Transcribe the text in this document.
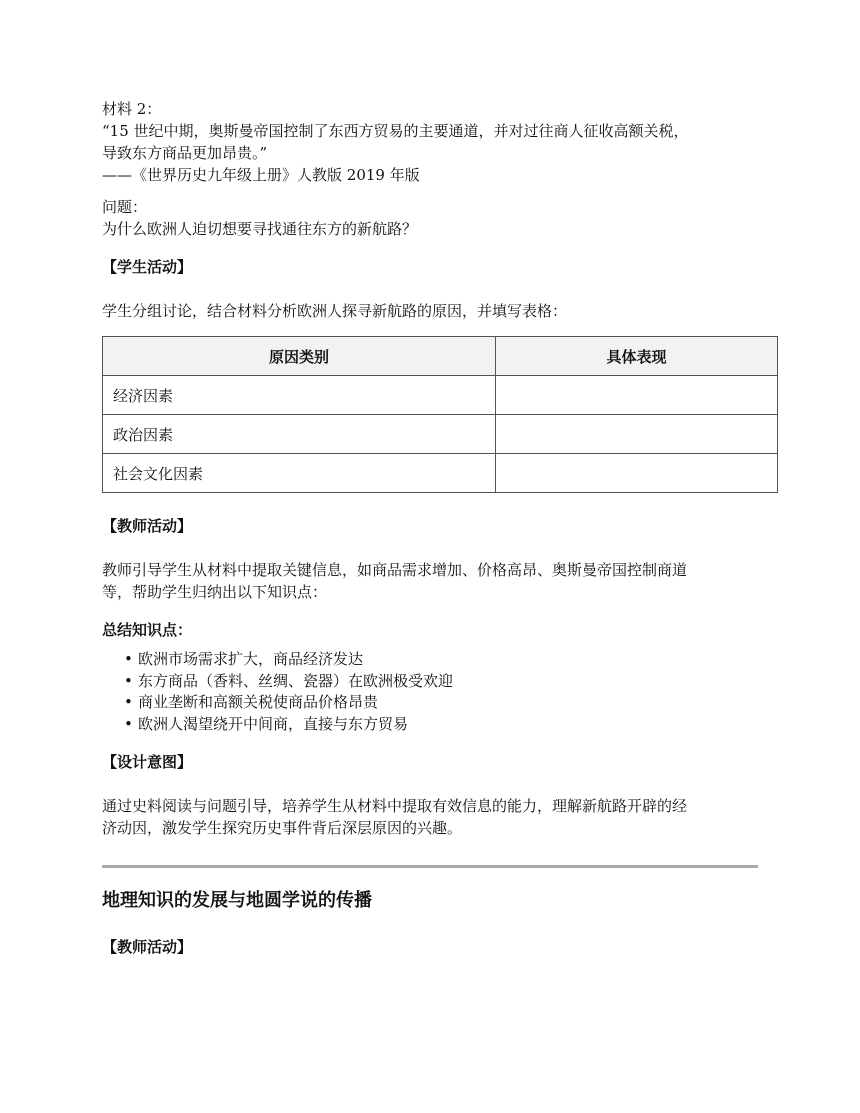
材料 2：

“15 世纪中期，奥斯曼帝国控制了东西方贸易的主要通道，并对过往商人征收高额关税，

导致东方商品更加昂贵。”

——《世界历史九年级上册》人教版 2019 年版

问题：

为什么欧洲人迫切想要寻找通往东方的新航路？

【学生活动】

学生分组讨论，结合材料分析欧洲人探寻新航路的原因，并填写表格：

原因类别	具体表现
经济因素	
政治因素	
社会文化因素	

【教师活动】

教师引导学生从材料中提取关键信息，如商品需求增加、价格高昂、奥斯曼帝国控制商道

等，帮助学生归纳出以下知识点：

总结知识点：

• 欧洲市场需求扩大，商品经济发达
• 东方商品（香料、丝绸、瓷器）在欧洲极受欢迎
• 商业垄断和高额关税使商品价格昂贵
• 欧洲人渴望绕开中间商，直接与东方贸易

【设计意图】

通过史料阅读与问题引导，培养学生从材料中提取有效信息的能力，理解新航路开辟的经

济动因，激发学生探究历史事件背后深层原因的兴趣。

地理知识的发展与地圆学说的传播

【教师活动】
